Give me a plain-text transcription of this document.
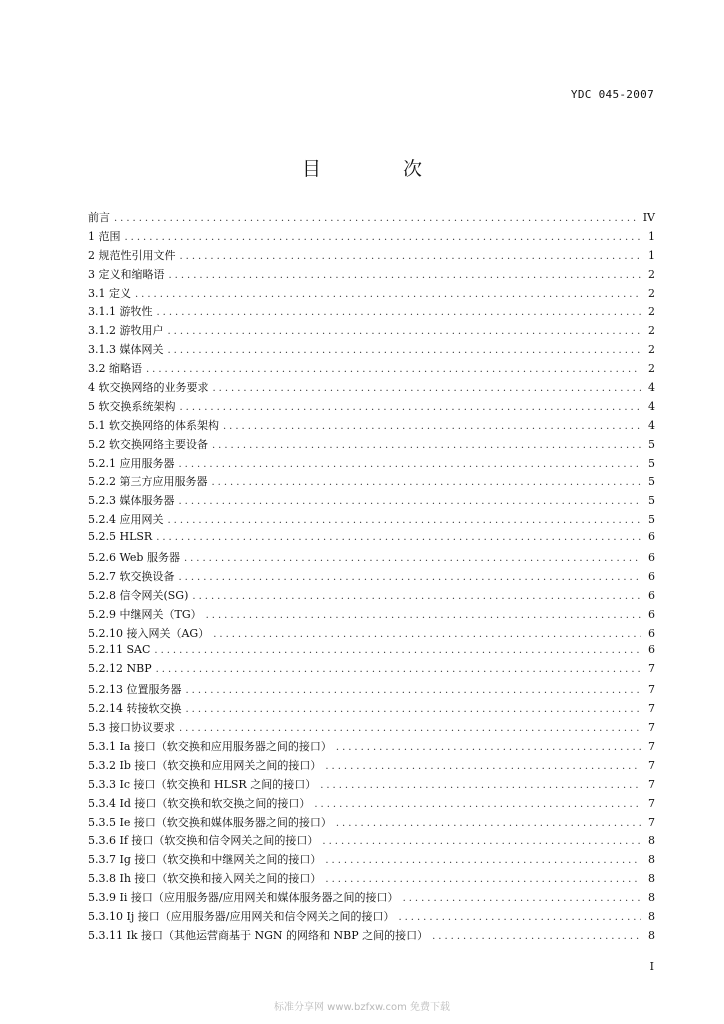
YDC 045-2007
目 次
前言 .....	IV
1 范围 .....	1
2 规范性引用文件 .....	1
3 定义和缩略语 .....	2
3.1 定义 .....	2
3.1.1 游牧性 .....	2
3.1.2 游牧用户 .....	2
3.1.3 媒体网关 .....	2
3.2 缩略语 .....	2
4 软交换网络的业务要求 .....	4
5 软交换系统架构 .....	4
5.1 软交换网络的体系架构 .....	4
5.2 软交换网络主要设备 .....	5
5.2.1 应用服务器 .....	5
5.2.2 第三方应用服务器 .....	5
5.2.3 媒体服务器 .....	5
5.2.4 应用网关 .....	5
5.2.5 HLSR .....	6
5.2.6 Web 服务器 .....	6
5.2.7 软交换设备 .....	6
5.2.8 信令网关(SG) .....	6
5.2.9 中继网关（TG） .....	6
5.2.10 接入网关（AG） .....	6
5.2.11 SAC .....	6
5.2.12 NBP .....	7
5.2.13 位置服务器 .....	7
5.2.14 转接软交换 .....	7
5.3 接口协议要求 .....	7
5.3.1 Ia 接口（软交换和应用服务器之间的接口） .....	7
5.3.2 Ib 接口（软交换和应用网关之间的接口） .....	7
5.3.3 Ic 接口（软交换和 HLSR 之间的接口） .....	7
5.3.4 Id 接口（软交换和软交换之间的接口） .....	7
5.3.5 Ie 接口（软交换和媒体服务器之间的接口） .....	7
5.3.6 If 接口（软交换和信令网关之间的接口） .....	8
5.3.7 Ig 接口（软交换和中继网关之间的接口） .....	8
5.3.8 Ih 接口（软交换和接入网关之间的接口） .....	8
5.3.9 Ii 接口（应用服务器/应用网关和媒体服务器之间的接口） .....	8
5.3.10 Ij 接口（应用服务器/应用网关和信令网关之间的接口） .....	8
5.3.11 Ik 接口（其他运营商基于 NGN 的网络和 NBP 之间的接口） .....	8
I
标准分享网 www.bzfxw.com 免费下载
